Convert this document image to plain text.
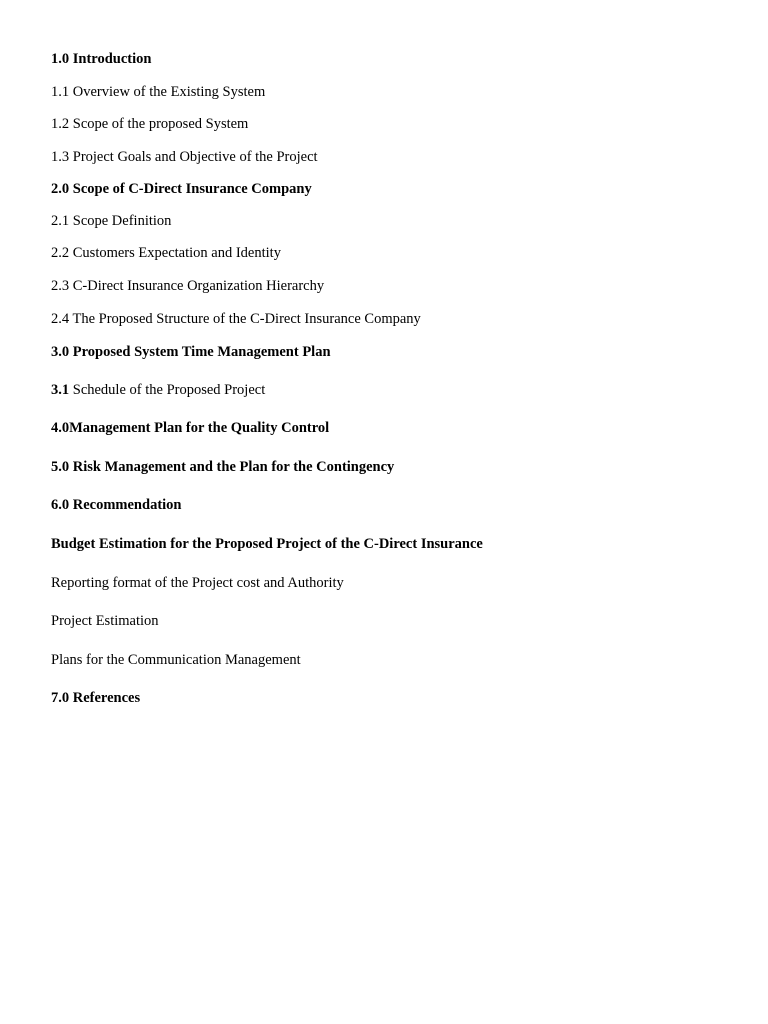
1.0 Introduction
1.1 Overview of the Existing System
1.2 Scope of the proposed System
1.3 Project Goals and Objective of the Project
2.0 Scope of C-Direct Insurance Company
2.1 Scope Definition
2.2 Customers Expectation and Identity
2.3 C-Direct Insurance Organization Hierarchy
2.4 The Proposed Structure of the C-Direct Insurance Company
3.0 Proposed System Time Management Plan
3.1 Schedule of the Proposed Project
4.0Management Plan for the Quality Control
5.0 Risk Management and the Plan for the Contingency
6.0 Recommendation
Budget Estimation for the Proposed Project of the C-Direct Insurance
Reporting format of the Project cost and Authority
Project Estimation
Plans for the Communication Management
7.0 References
